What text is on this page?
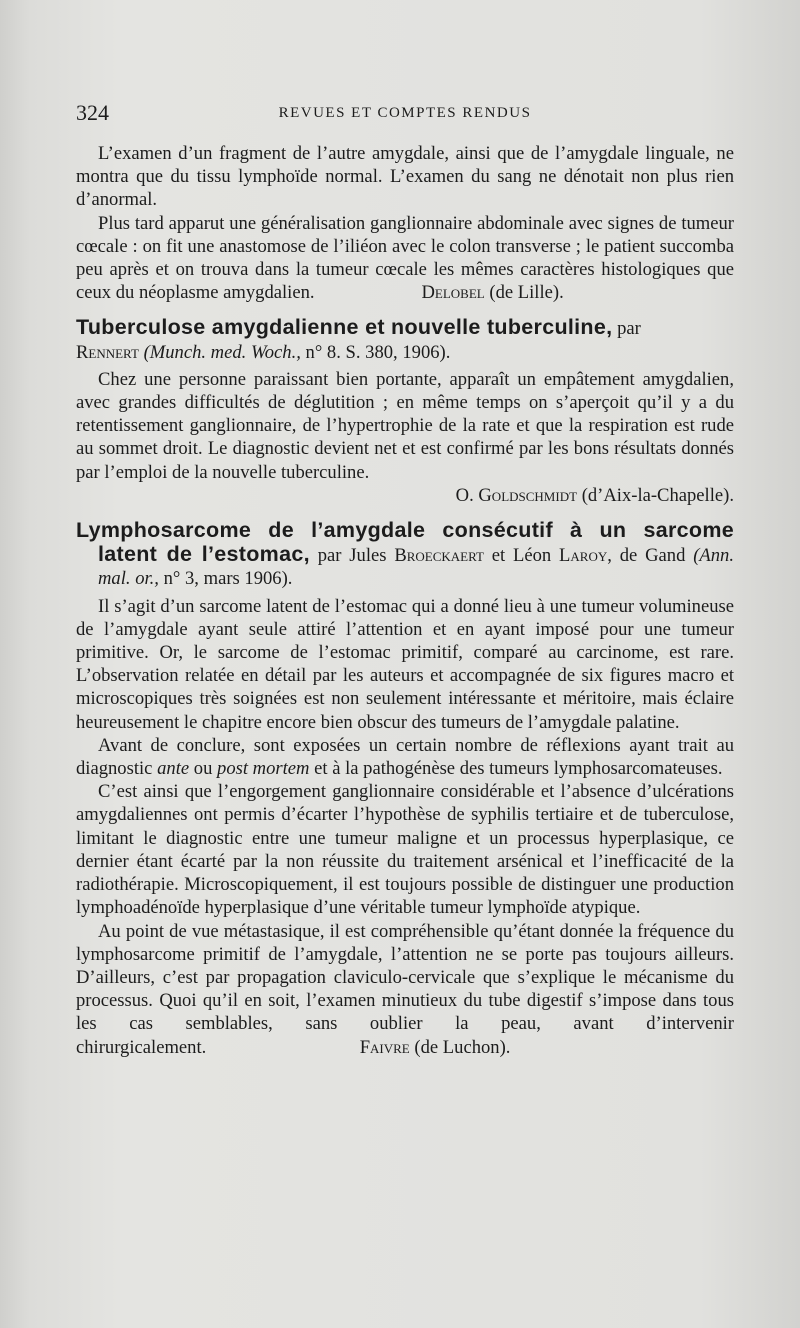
324	REVUES ET COMPTES RENDUS

L’examen d’un fragment de l’autre amygdale, ainsi que de l’amygdale linguale, ne montra que du tissu lymphoïde normal. L’examen du sang ne dénotait non plus rien d’anormal.

Plus tard apparut une généralisation ganglionnaire abdominale avec signes de tumeur cœcale : on fit une anastomose de l’iliéon avec le colon transverse ; le patient succomba peu après et on trouva dans la tumeur cœcale les mêmes caractères histologiques que ceux du néoplasme amygdalien.	Delobel (de Lille).

Tuberculose amygdalienne et nouvelle tuberculine, par
Rennert (Munch. med. Woch., n° 8. S. 380, 1906).

Chez une personne paraissant bien portante, apparaît un empâtement amygdalien, avec grandes difficultés de déglutition ; en même temps on s’aperçoit qu’il y a du retentissement ganglionnaire, de l’hypertrophie de la rate et que la respiration est rude au sommet droit. Le diagnostic devient net et est confirmé par les bons résultats donnés par l’emploi de la nouvelle tuberculine.

O. Goldschmidt (d’Aix-la-Chapelle).

Lymphosarcome de l’amygdale consécutif à un sarcome latent de l’estomac, par Jules Broeckaert et Léon Laroy, de Gand (Ann. mal. or., n° 3, mars 1906).

Il s’agit d’un sarcome latent de l’estomac qui a donné lieu à une tumeur volumineuse de l’amygdale ayant seule attiré l’attention et en ayant imposé pour une tumeur primitive. Or, le sarcome de l’estomac primitif, comparé au carcinome, est rare. L’observation relatée en détail par les auteurs et accompagnée de six figures macro et microscopiques très soignées est non seulement intéressante et méritoire, mais éclaire heureusement le chapitre encore bien obscur des tumeurs de l’amygdale palatine.

Avant de conclure, sont exposées un certain nombre de réflexions ayant trait au diagnostic ante ou post mortem et à la pathogénèse des tumeurs lymphosarcomateuses.

C’est ainsi que l’engorgement ganglionnaire considérable et l’absence d’ulcérations amygdaliennes ont permis d’écarter l’hypothèse de syphilis tertiaire et de tuberculose, limitant le diagnostic entre une tumeur maligne et un processus hyperplasique, ce dernier étant écarté par la non réussite du traitement arsénical et l’inefficacité de la radiothérapie. Microscopiquement, il est toujours possible de distinguer une production lymphoadénoïde hyperplasique d’une véritable tumeur lymphoïde atypique.

Au point de vue métastasique, il est compréhensible qu’étant donnée la fréquence du lymphosarcome primitif de l’amygdale, l’attention ne se porte pas toujours ailleurs. D’ailleurs, c’est par propagation claviculo-cervicale que s’explique le mécanisme du processus. Quoi qu’il en soit, l’examen minutieux du tube digestif s’impose dans tous les cas semblables, sans oublier la peau, avant d’intervenir chirurgicalement.	Faivre (de Luchon).
